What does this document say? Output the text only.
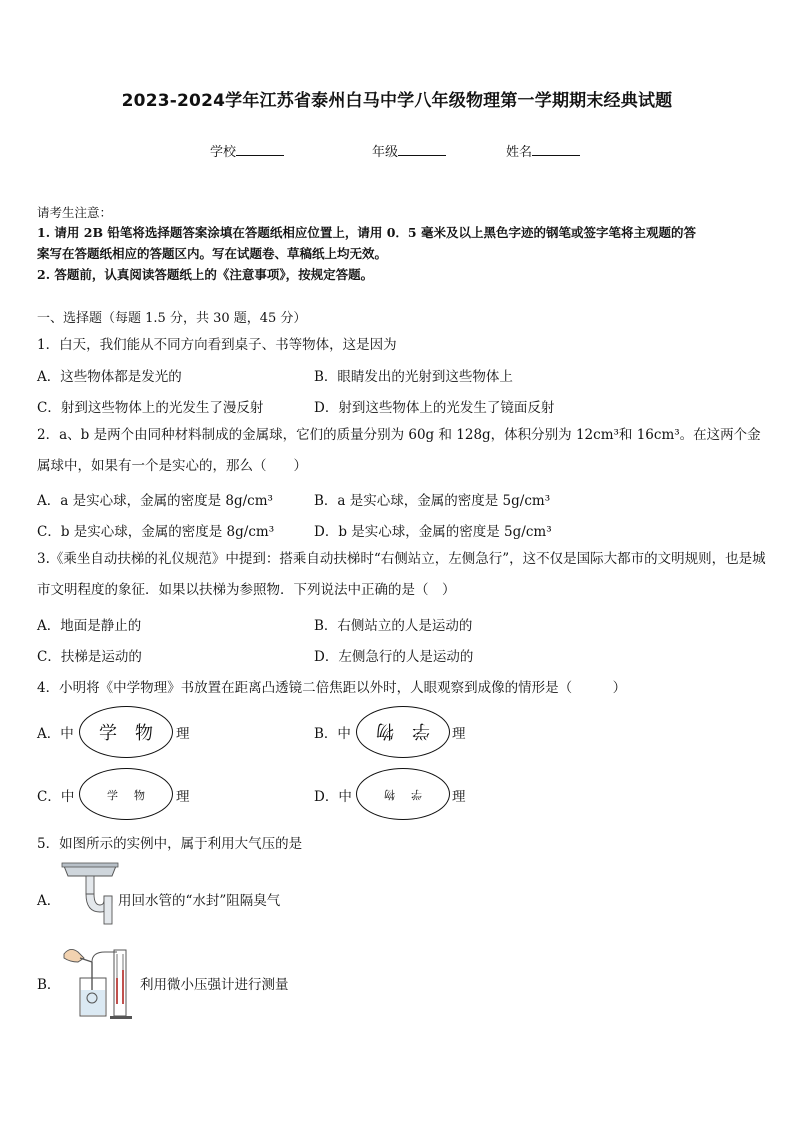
2023-2024学年江苏省泰州白马中学八年级物理第一学期期末经典试题
学校	年级	姓名
请考生注意：
1. 请用 2B 铅笔将选择题答案涂填在答题纸相应位置上，请用 0．5 毫米及以上黑色字迹的钢笔或签字笔将主观题的答
案写在答题纸相应的答题区内。写在试题卷、草稿纸上均无效。
2. 答题前，认真阅读答题纸上的《注意事项》，按规定答题。
一、选择题（每题 1.5 分，共 30 题，45 分）
1．白天，我们能从不同方向看到桌子、书等物体，这是因为
A．这些物体都是发光的	B．眼睛发出的光射到这些物体上
C．射到这些物体上的光发生了漫反射	D．射到这些物体上的光发生了镜面反射
2．a、b 是两个由同种材料制成的金属球，它们的质量分别为 60g 和 128g，体积分别为 12cm³和 16cm³。在这两个金属球中，如果有一个是实心的，那么（　　）
A．a 是实心球，金属的密度是 8g/cm³	B．a 是实心球，金属的密度是 5g/cm³
C．b 是实心球，金属的密度是 8g/cm³	D．b 是实心球，金属的密度是 5g/cm³
3.《乘坐自动扶梯的礼仪规范》中提到：搭乘自动扶梯时“右侧站立，左侧急行”，这不仅是国际大都市的文明规则，也是城市文明程度的象征．如果以扶梯为参照物．下列说法中正确的是（　）
A．地面是静止的	B．右侧站立的人是运动的
C．扶梯是运动的	D．左侧急行的人是运动的
4．小明将《中学物理》书放置在距离凸透镜二倍焦距以外时，人眼观察到成像的情形是（　　　）
A．中	学物 理	B．中 学物	理
C．中	学物	理	D．中	学物	理
5．如图所示的实例中，属于利用大气压的是
A．	用回水管的“水封”阻隔臭气
B．	利用微小压强计进行测量
